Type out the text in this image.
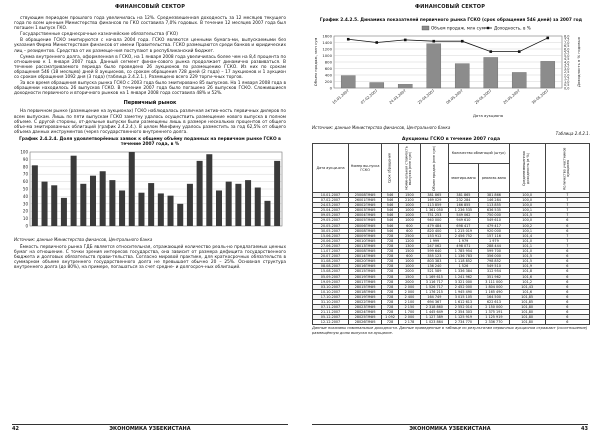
ФИНАНСОВЫЙ СЕКТОР

ствующим периодом прошлого года увеличилась на 12%. Среднезвешенная доходность за 12 месяцев текущего года по всем ценным Министерства финансов по ГКО составила 7,0% годовых. В течение 12 месяцев 2007 года был погашен 1 выпуск ГКО.

Государственные среднесрочные казначейские обязательства (ГКО)

В обращение ГСКО эмитируются с начала 2004 года. ГСКО являются ценными бумага-ми, выпускаемыми без указания Фирма Министерством финансов от имени Правительства. ГСКО размещаются среди банков и юридических лиц – резидентов. Средства от их размеще-ния поступают в республиканский бюджет.

Сумма внутреннего долга, оформленная в ГСКО, на 1 января 2008 года увеличилась более чем на 8,4 процента по отношению к 1 января 2007 года. Данный сегмент финан-сового рынка продолжает динамично развиваться. В течение рассматриваемого периода было проведено 26 аукционов по размещению ГСКО. Из них по срокам обращения 546 (18 месяцев) дней 8 аукционов, со сроком обращения 728 дней (2 года) – 17 аукционов и 1 аукцион со сроком обращения 1092 дня (3 года) (таблица 2.4.2.1.). Размещено всего 229 торги-чных торгов.

За все время обращения выпуска рынка ГСКО с 2003 года было эмитировано 85 выпусков. На 1 января 2008 года в обращении находилось 26 выпусков ГСКО. В течение 2007 года было погашено 26 выпусков ГСКО. Сложившиеся доходности первичного и вторичного рынков на 1 января 2008 года составила 48% и 52%.

Первичный рынок

На первичном рынке (размещение на аукционах) ГСКО наблюдалась различная актив-ность первичных дилеров по всем выпускам. Лишь по пяти выпускам ГСКО заметну удалось осуществить размещение нового выпуска в полном объеме. С другой стороны, от-дельные выпуски были размещены лишь в размере нескольких процентов от общего объе-ма эмитированных облигаций (график 2.4.2.4.). В целом Минфину удалось разместить за год 62,5% от общего объема данных инструментов (через государственного внутреннего долга.

График 2.4.2.4. Доля удовлетворённых заявок к общему объёму поданных на первичном рынке ГСКО в течение 2007 года, в %
0
10
20
30
40
50
60
70
80
90
100
Источник: данные Министерства финансов, Центрального банка

Ёмкость первичного рынка ГДБ является относительная, отражающей количество реаль-но предлагаемых ценных бумаг на отношение. С точки зрения интересов государства, она зависит от размера дефицита государственного бюджета и долговых обязательств прави-тельства. Согласно мировой практике, для краткосрочных обязательств в суммарном объеме внутреннего государственного долга не превышает обычно 20 – 25%. Основная структура внутреннего долга (до 80%), на примере, погашаться за счет средне- и долгосроч-ных облигаций.

42	ЭКОНОМИКА УЗБЕКИСТАНА
ФИНАНСОВЫЙ СЕКТОР
График 2.4.2.5. Динамика показателей первичного рынка ГСКО (срок обращения 546 дней) за 2007 год
Объем продаж, млн сум Доходность, в %
0
200
400
600
800
1000
1200
1400
1600
0,0
0,5
1,0
1,5
2,0
2,5
3,0
3,5
4,0
4,5
5,0
5,5
6,0
6,5
7,0
7,5
8,0
Объем продаж, млн сум	Доходность в % годовых
10.01.2007	07.02.2007	24.03.2007	25.04.2007	09.05.2007	29.05.2007	20.05.2007	30.05.2007
Дата аукциона
Источник: данные Министерства финансов, Центрального банка
Таблица 2.4.2.1.
Аукционы ГСКО в течение 2007 года
Дата аукци-она	Номер вы-пуска ГСКО	Срок обращения	Номинальная стоимость выпуска (млн сум)	Объем продаж (млн сум)	Количество облигаций (штук)		Средневзвешенная доходность (в %)	Количество участников аукциона
					эмитиро-вано	реализо-вано		
10.01.2007	25008ГМФ5	546	1500	381 865	381 865	381 866	100,0	7
07.02.2007	26001ГМФ5	546	2100	169 029	232 284	146 284	100,0	7
24.03.2007	28002ГМФ5	546	1000	113 859	166 855	113 855	100,0	7
25.04.2007	28003ГМФ5	546	1000	1 361 050	1 236 535	636 535	100,1	7
09.05.2007	28004ГМФ5	546	1000	751 253	549 062	750 000	101,5	7
29.05.2007	28005ГМФ5	546	1000	940 000	949 610	549 610	100,0	6
20.05.2007	28006ГМФ5	546	600	479 484	698 417	479 417	100,2	6
30.05.2007	28008ГМФ5	546	600	820 400	1 215 019	920 000	100,1	6
15.06.2007	28009ГМФ5	728	2500	153 912	2 456 752	157 116	101,4	7
20.06.2007	26010ГМФ5	728	1200	1 999	1 979	1 979	101,0	7
27.06.2007	28013ГМФ5	728	1300	247 062	498 071	288 444	101,1	7
11.07.2007	28008ГМФ5	728	1500	599 640	1 785 954	599 700	101,0	6
20.07.2007	28014ГМФ5	728	600	355 123	1 136 783	356 000	101,5	6
01.08.2007	28020ГМФ5	728	1000	803 383	1 118 852	798 852	101,5	6
08.08.2007	28016ГМФ5	728	1000	136 240	1 526	549 510	101,9	6
15.08.2007	28015ГМФ5	728	2000	521 589	1 336 384	312 954	101,8	6
05.09.2007	28019ГМФ5	728	1500	1 169 615	1 241 962	351 962	101,6	6
19.09.2007	28017ГМФ5	728	2000	3 116 717	3 321 000	3 111 000	101,2	6
03.10.2007	28015ГМФ5	728	2 000	1 526 717	2 452 000	1 804 000	101,43	6
10.10.2007	28018ГМФ5	728	2 000	1 176 215	1 945 490	1 165 490	101,6	6
17.10.2007	28019ГМФ5	728	2 400	164 749	3 015 105	164 500	101,85	6
31.10.2007	28022ГМФ5	728	2 100	694 367	1 612 613	622 613	101,85	6
07.11.2007	28023ГМФ5	728	2 150	2 318 860	2 552 014	2 150 000	101,80	6
21.11.2007	28024ГМФ5	728	1 700	1 445 649	2 354 303	1 375 191	101,80	6
05.12.2007	28025ГМФ5	1 092	2 000	1 127 389	1 125 919	1 125 919	101,80	6
12.12.2007	28026ГМФ5	728	2 178	1 023 864	2 734 770	2 336 770	101,80	6
Данные показаны номинальные доходности. Данные приведенные в таблице по результатам первичных аукционов отражают (сооотношение) размещённую долю выпуска на аукционе.
ЭКОНОМИКА УЗБЕКИСТАНА	43
